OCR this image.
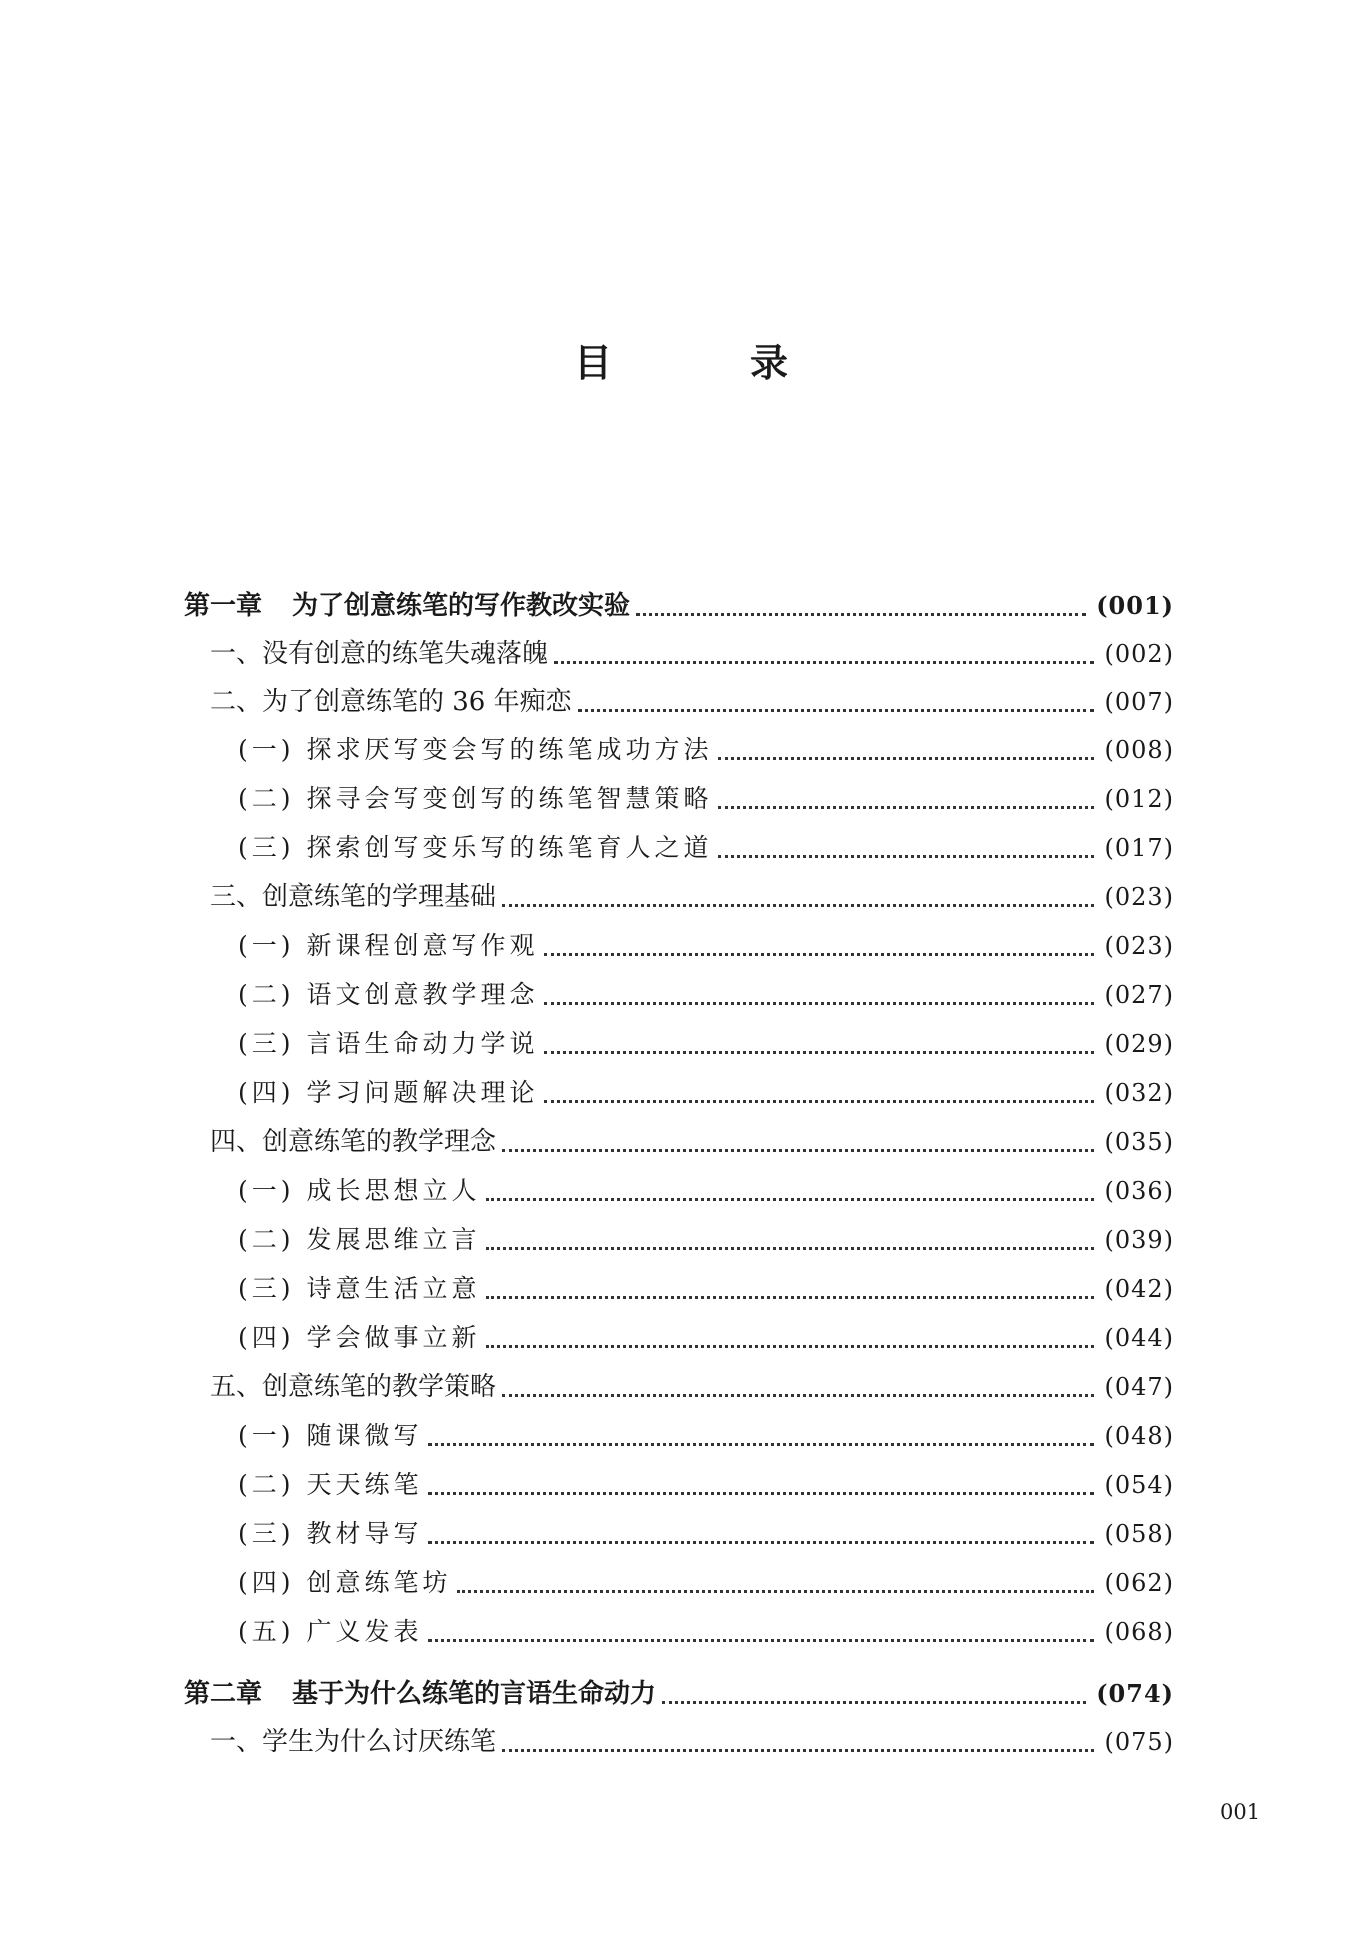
目　录
第一章 为了创意练笔的写作教改实验	(001)
一、没有创意的练笔失魂落魄	(002)
二、为了创意练笔的 36 年痴恋	(007)
(一) 探求厌写变会写的练笔成功方法	(008)
(二) 探寻会写变创写的练笔智慧策略	(012)
(三) 探索创写变乐写的练笔育人之道	(017)
三、创意练笔的学理基础	(023)
(一) 新课程创意写作观	(023)
(二) 语文创意教学理念	(027)
(三) 言语生命动力学说	(029)
(四) 学习问题解决理论	(032)
四、创意练笔的教学理念	(035)
(一) 成长思想立人	(036)
(二) 发展思维立言	(039)
(三) 诗意生活立意	(042)
(四) 学会做事立新	(044)
五、创意练笔的教学策略	(047)
(一) 随课微写	(048)
(二) 天天练笔	(054)
(三) 教材导写	(058)
(四) 创意练笔坊	(062)
(五) 广义发表	(068)
第二章 基于为什么练笔的言语生命动力	(074)
一、学生为什么讨厌练笔	(075)
001
